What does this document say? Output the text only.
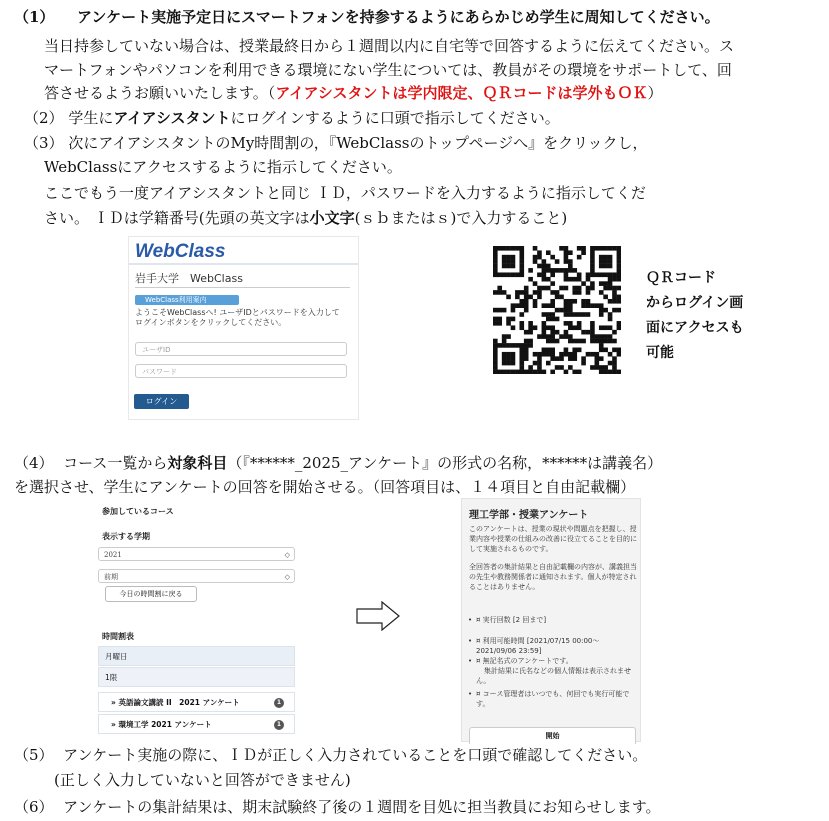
（1） アンケート実施予定日にスマートフォンを持参するようにあらかじめ学生に周知してください。
当日持参していない場合は、授業最終日から１週間以内に自宅等で回答するように伝えてください。ス
マートフォンやパソコンを利用できる環境にない学生については、教員がその環境をサポートして、回
答させるようお願いいたします。（アイアシスタントは学内限定、ＱＲコードは学外もＯＫ）
（2） 学生にアイアシスタントにログインするように口頭で指示してください。
（3） 次にアイアシスタントのMy時間割の，『WebClassのトップページへ』をクリックし，
WebClassにアクセスするように指示してください。
ここでもう一度アイアシスタントと同じ ＩＤ，パスワードを入力するように指示してくだ
さい。 ＩＤは学籍番号(先頭の英文字は小文字(ｓｂまたはｓ)で入力すること)
WebClass
岩手大学　WebClass
WebClass利用案内
ようこそWebClassへ! ユーザIDとパスワードを入力してログインボタンをクリックしてください。
ユーザID
パスワード
ログイン
ＱＲコード
からログイン画
面にアクセスも
可能
（4） コース一覧から対象科目（『******_2025_アンケート』の形式の名称，******は講義名）
を選択させ、学生にアンケートの回答を開始させる。（回答項目は、１４項目と自由記載欄）
参加しているコース
表示する学期
2021	◇
前期	◇
今日の時間割に戻る
時間割表
月曜日
1限
» 英語論文講読 II　2021 アンケート	1
» 環境工学 2021 アンケート	1
理工学部・授業アンケート
このアンケートは、授業の現状や問題点を把握し、授業内容や授業の仕組みの改善に役立てることを目的にして実施されるものです。
全回答者の集計結果と自由記載欄の内容が、講義担当の先生や教務関係者に通知されます。個人が特定されることはありません。
• ¤ 実行回数 [2 回まで]
• ¤ 利用可能時間 [2021/07/15 00:00～2021/09/06 23:59]
• ¤ 無記名式のアンケートです。
集計結果に氏名などの個人情報は表示されません。
• ¤ コース管理者はいつでも、何回でも実行可能です。
開始
（5） アンケート実施の際に、ＩＤが正しく入力されていることを口頭で確認してください。
(正しく入力していないと回答ができません)
（6） アンケートの集計結果は、期末試験終了後の１週間を目処に担当教員にお知らせします。
